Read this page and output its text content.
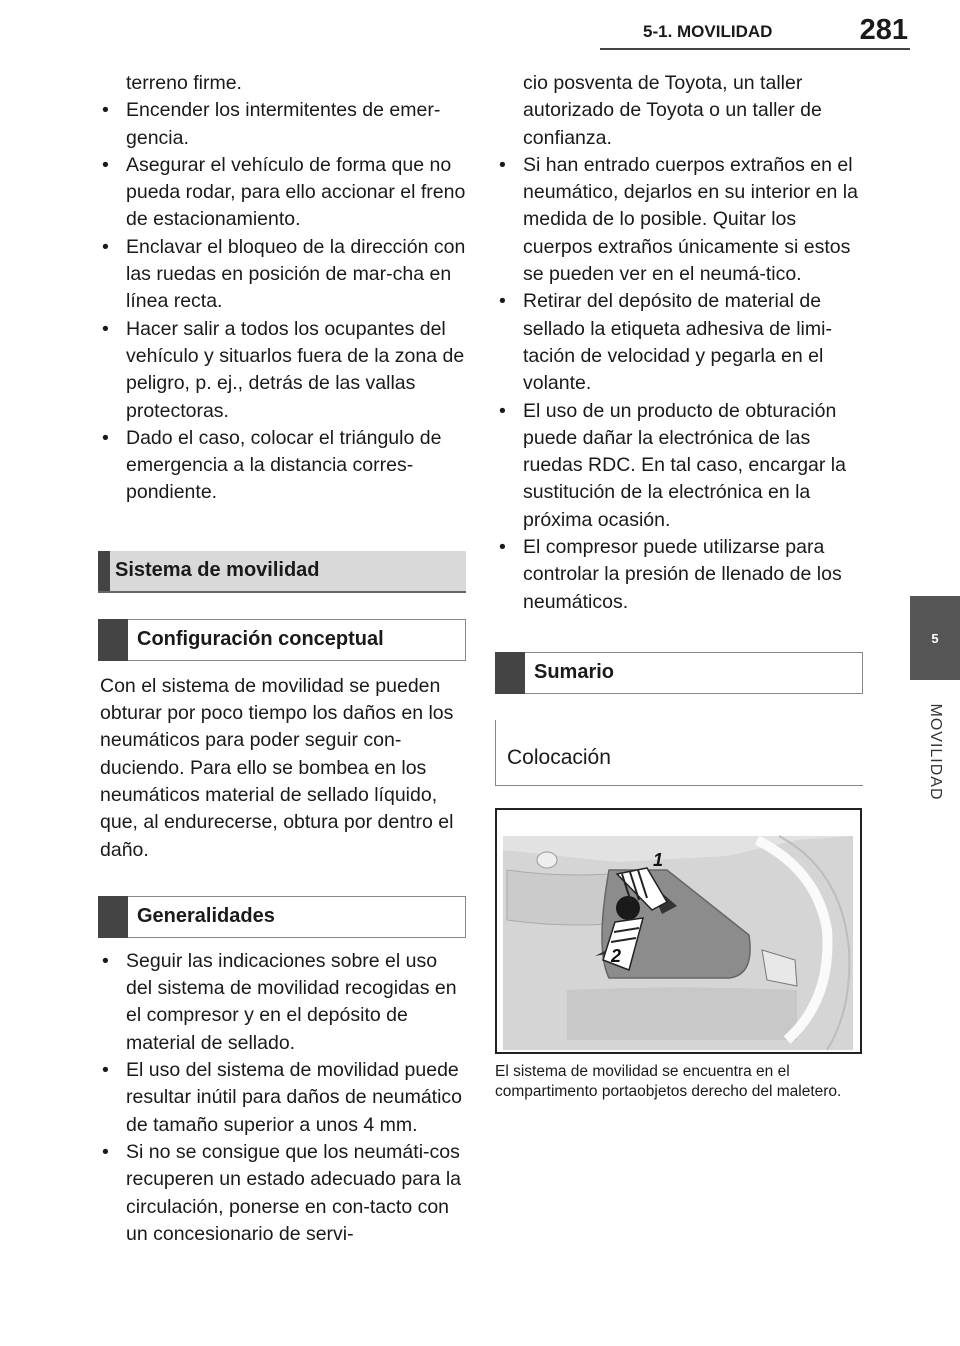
5-1. MOVILIDAD	281
5
MOVILIDAD

terreno firme.

• Encender los intermitentes de emer-gencia.
• Asegurar el vehículo de forma que no pueda rodar, para ello accionar el freno de estacionamiento.
• Enclavar el bloqueo de la dirección con las ruedas en posición de mar-cha en línea recta.
• Hacer salir a todos los ocupantes del vehículo y situarlos fuera de la zona de peligro, p. ej., detrás de las vallas protectoras.
• Dado el caso, colocar el triángulo de emergencia a la distancia corres-pondiente.
Sistema de movilidad
Configuración conceptual

Con el sistema de movilidad se pueden obturar por poco tiempo los daños en los neumáticos para poder seguir con-duciendo. Para ello se bombea en los neumáticos material de sellado líquido, que, al endurecerse, obtura por dentro el daño.

Generalidades
• Seguir las indicaciones sobre el uso del sistema de movilidad recogidas en el compresor y en el depósito de material de sellado.
• El uso del sistema de movilidad puede resultar inútil para daños de neumático de tamaño superior a unos 4 mm.
• Si no se consigue que los neumáti-cos recuperen un estado adecuado para la circulación, ponerse en con-tacto con un concesionario de servi-

cio posventa de Toyota, un taller autorizado de Toyota o un taller de confianza.

• Si han entrado cuerpos extraños en el neumático, dejarlos en su interior en la medida de lo posible. Quitar los cuerpos extraños únicamente si estos se pueden ver en el neumá-tico.
• Retirar del depósito de material de sellado la etiqueta adhesiva de limi-tación de velocidad y pegarla en el volante.
• El uso de un producto de obturación puede dañar la electrónica de las ruedas RDC. En tal caso, encargar la sustitución de la electrónica en la próxima ocasión.
• El compresor puede utilizarse para controlar la presión de llenado de los neumáticos.
Sumario
Colocación
1
2

El sistema de movilidad se encuentra en el compartimento portaobjetos derecho del maletero.
